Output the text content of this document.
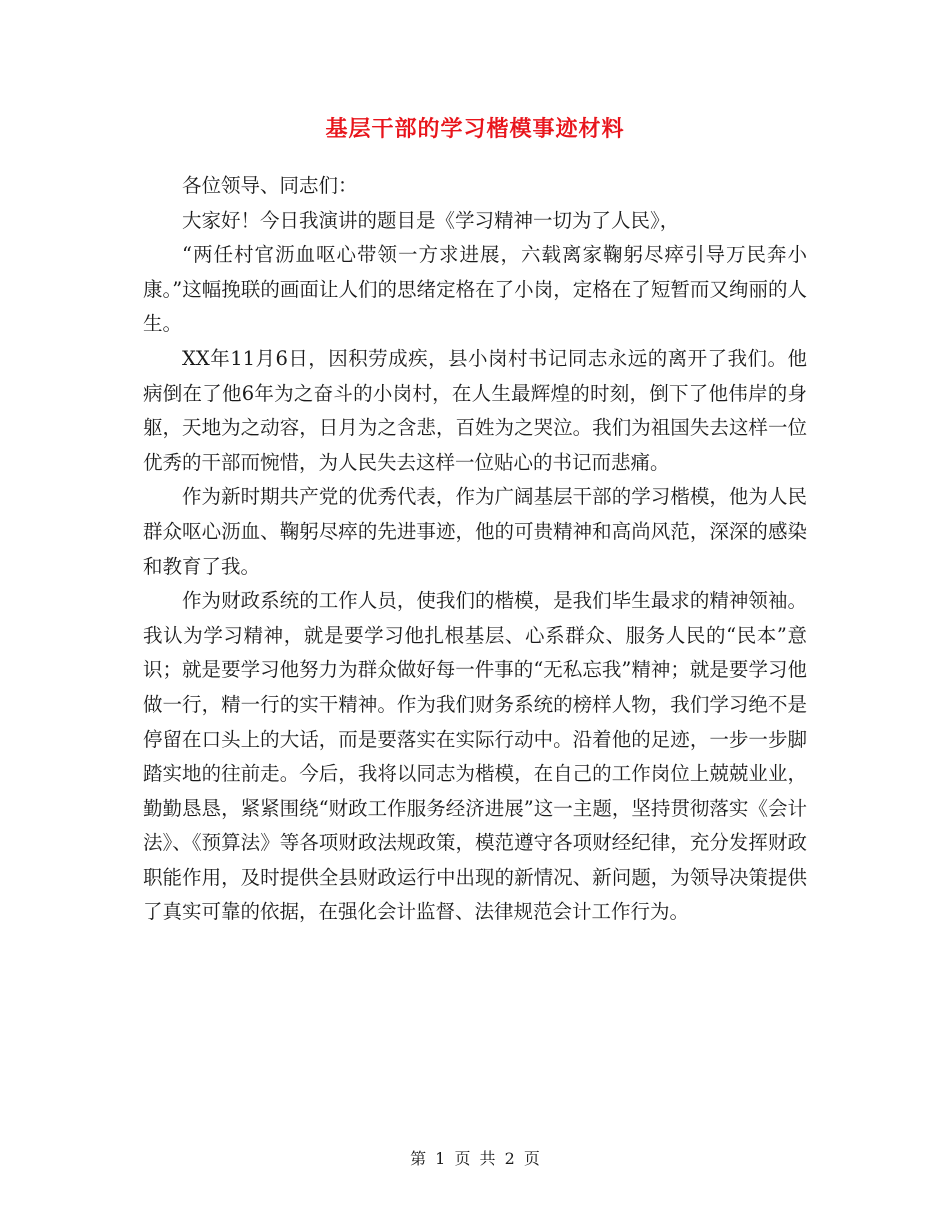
基层干部的学习楷模事迹材料

各位领导、同志们：

大家好！今日我演讲的题目是《学习精神一切为了人民》，

“两任村官沥血呕心带领一方求进展，六载离家鞠躬尽瘁引导万民奔小康。”这幅挽联的画面让人们的思绪定格在了小岗，定格在了短暂而又绚丽的人生。

XX年11月6日，因积劳成疾，县小岗村书记同志永远的离开了我们。他病倒在了他6年为之奋斗的小岗村，在人生最辉煌的时刻，倒下了他伟岸的身躯，天地为之动容，日月为之含悲，百姓为之哭泣。我们为祖国失去这样一位优秀的干部而惋惜，为人民失去这样一位贴心的书记而悲痛。

作为新时期共产党的优秀代表，作为广阔基层干部的学习楷模，他为人民群众呕心沥血、鞠躬尽瘁的先进事迹，他的可贵精神和高尚风范，深深的感染和教育了我。

作为财政系统的工作人员，使我们的楷模，是我们毕生最求的精神领袖。我认为学习精神，就是要学习他扎根基层、心系群众、服务人民的“民本”意识；就是要学习他努力为群众做好每一件事的“无私忘我”精神；就是要学习他做一行，精一行的实干精神。作为我们财务系统的榜样人物，我们学习绝不是停留在口头上的大话，而是要落实在实际行动中。沿着他的足迹，一步一步脚踏实地的往前走。今后，我将以同志为楷模，在自己的工作岗位上兢兢业业，勤勤恳恳，紧紧围绕“财政工作服务经济进展”这一主题，坚持贯彻落实《会计法》、《预算法》等各项财政法规政策，模范遵守各项财经纪律，充分发挥财政职能作用，及时提供全县财政运行中出现的新情况、新问题，为领导决策提供了真实可靠的依据，在强化会计监督、法律规范会计工作行为。

第 1 页 共 2 页
